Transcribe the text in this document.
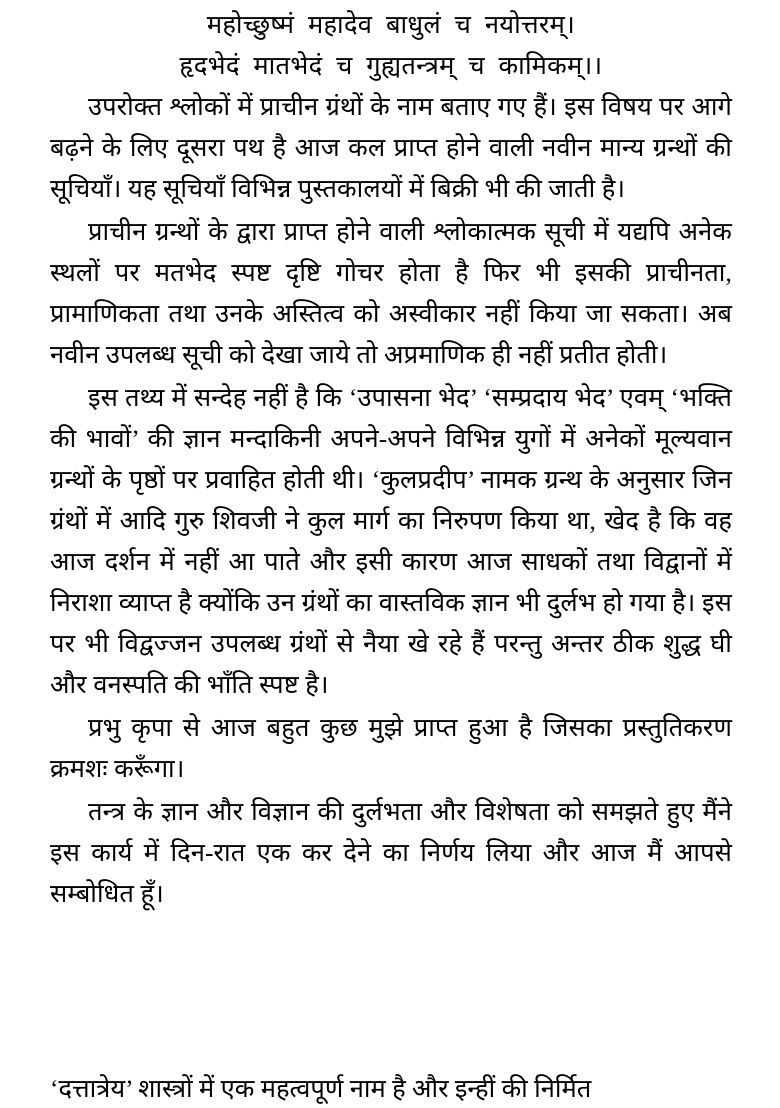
महोच्छुष्मं महादेव बाधुलं च नयोत्तरम्।
हृदभेदं मातभेदं च गुह्यतन्त्रम् च कामिकम्।।

उपरोक्त श्लोकों में प्राचीन ग्रंथों के नाम बताए गए हैं। इस विषय पर आगे बढ़ने के लिए दूसरा पथ है आज कल प्राप्त होने वाली नवीन मान्य ग्रन्थों की सूचियाँ। यह सूचियाँ विभिन्न पुस्तकालयों में बिक्री भी की जाती है।

प्राचीन ग्रन्थों के द्वारा प्राप्त होने वाली श्लोकात्मक सूची में यद्यपि अनेक स्थलों पर मतभेद स्पष्ट दृष्टि गोचर होता है फिर भी इसकी प्राचीनता, प्रामाणिकता तथा उनके अस्तित्व को अस्वीकार नहीं किया जा सकता। अब नवीन उपलब्ध सूची को देखा जाये तो अप्रमाणिक ही नहीं प्रतीत होती।

इस तथ्य में सन्देह नहीं है कि ‘उपासना भेद’ ‘सम्प्रदाय भेद’ एवम् ‘भक्ति की भावों’ की ज्ञान मन्दाकिनी अपने-अपने विभिन्न युगों में अनेकों मूल्यवान ग्रन्थों के पृष्ठों पर प्रवाहित होती थी। ‘कुलप्रदीप’ नामक ग्रन्थ के अनुसार जिन ग्रंथों में आदि गुरु शिवजी ने कुल मार्ग का निरुपण किया था, खेद है कि वह आज दर्शन में नहीं आ पाते और इसी कारण आज साधकों तथा विद्वानों में निराशा व्याप्त है क्योंकि उन ग्रंथों का वास्तविक ज्ञान भी दुर्लभ हो गया है। इस पर भी विद्वज्जन उपलब्ध ग्रंथों से नैया खे रहे हैं परन्तु अन्तर ठीक शुद्ध घी और वनस्पति की भाँति स्पष्ट है।

प्रभु कृपा से आज बहुत कुछ मुझे प्राप्त हुआ है जिसका प्रस्तुतिकरण क्रमशः करूँगा।

तन्त्र के ज्ञान और विज्ञान की दुर्लभता और विशेषता को समझते हुए मैंने इस कार्य में दिन-रात एक कर देने का निर्णय लिया और आज मैं आपसे सम्बोधित हूँ।

‘दत्तात्रेय’ शास्त्रों में एक महत्वपूर्ण नाम है और इन्हीं की निर्मित
